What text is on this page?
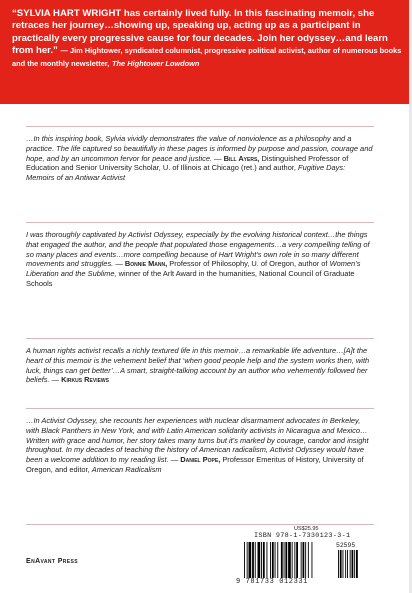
“SYLVIA HART WRIGHT has certainly lived fully. In this fascinating memoir, she retraces her journey…showing up, speaking up, acting up as a participant in practically every progressive cause for four decades. Join her odyssey…and learn from her.” — Jim Hightower, syndicated columnist, progressive political activist, author of numerous books and the monthly newsletter, The Hightower Lowdown
…In this inspiring book, Sylvia vividly demonstrates the value of nonviolence as a philosophy and a practice. The life captured so beautifully in these pages is informed by purpose and passion, courage and hope, and by an uncommon fervor for peace and justice. — Bill Ayers, Distinguished Professor of Education and Senior University Scholar, U. of Illinois at Chicago (ret.) and author, Fugitive Days: Memoirs of an Antiwar Activist
I was thoroughly captivated by Activist Odyssey, especially by the evolving historical context…the things that engaged the author, and the people that populated those engagements…a very compelling telling of so many places and events…more compelling because of Hart Wright’s own role in so many different movements and struggles. — Bonnie Mann, Professor of Philosophy, U. of Oregon, author of Women’s Liberation and the Sublime, winner of the Arlt Award in the humanities, National Council of Graduate Schools
A human rights activist recalls a richly textured life in this memoir…a remarkable life adventure…[A]t the heart of this memoir is the vehement belief that ‘when good people help and the system works then, with luck, things can get better’…A smart, straight-talking account by an author who vehemently followed her beliefs. — Kirkus Reviews
…In Activist Odyssey, she recounts her experiences with nuclear disarmament advocates in Berkeley, with Black Panthers in New York, and with Latin American solidarity activists in Nicaragua and Mexico…Written with grace and humor, her story takes many turns but it’s marked by courage, candor and insight throughout. In my decades of teaching the history of American radicalism, Activist Odyssey would have been a welcome addition to my reading list. — Daniel Pope, Professor Emeritus of History, University of Oregon, and editor, American Radicalism
EnAvant Press
US$25.95
ISBN 978-1-7330123-3-1
52595
9 781733 012331
